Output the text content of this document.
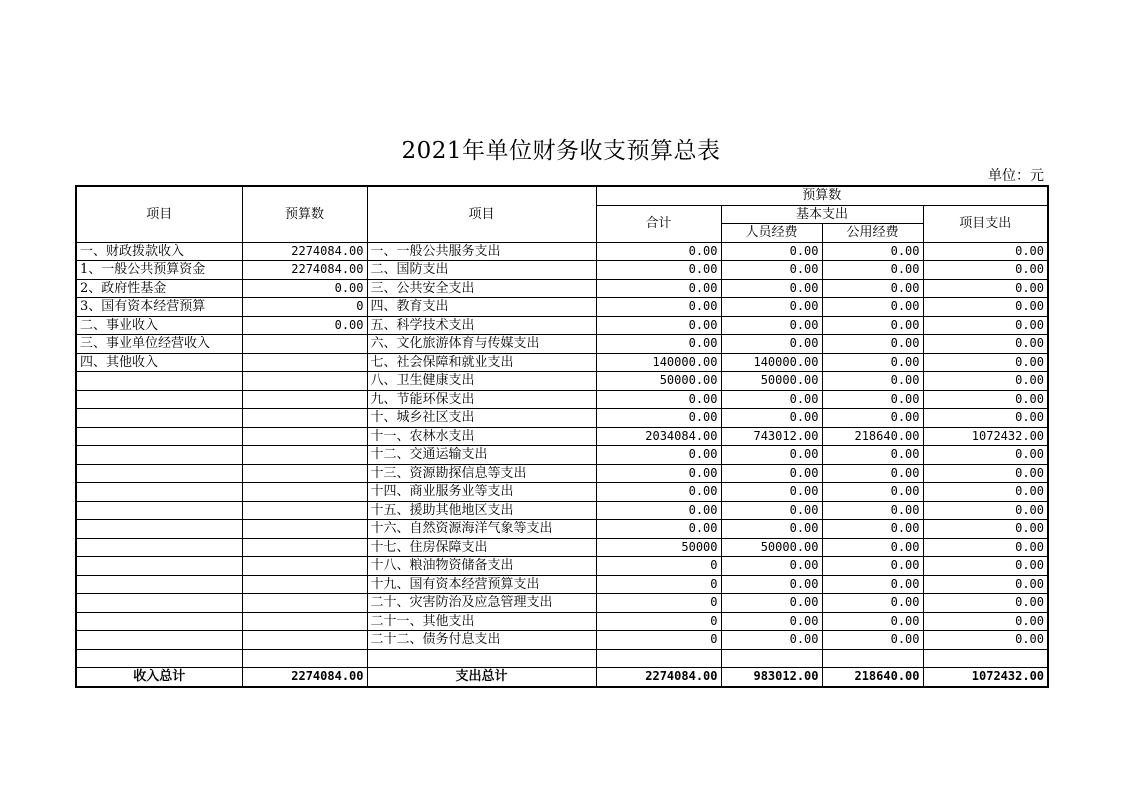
2021年单位财务收支预算总表
单位：元
项目	预算数	项目	预算数			
			合计	基本支出		项目支出
				人员经费	公用经费	
一、财政拨款收入	2274084.00	一、一般公共服务支出	0.00	0.00	0.00	0.00
1、一般公共预算资金	2274084.00	二、国防支出	0.00	0.00	0.00	0.00
2、政府性基金	0.00	三、公共安全支出	0.00	0.00	0.00	0.00
3、国有资本经营预算	0	四、教育支出	0.00	0.00	0.00	0.00
二、事业收入	0.00	五、科学技术支出	0.00	0.00	0.00	0.00
三、事业单位经营收入		六、文化旅游体育与传媒支出	0.00	0.00	0.00	0.00
四、其他收入		七、社会保障和就业支出	140000.00	140000.00	0.00	0.00
		八、卫生健康支出	50000.00	50000.00	0.00	0.00
		九、节能环保支出	0.00	0.00	0.00	0.00
		十、城乡社区支出	0.00	0.00	0.00	0.00
		十一、农林水支出	2034084.00	743012.00	218640.00	1072432.00
		十二、交通运输支出	0.00	0.00	0.00	0.00
		十三、资源勘探信息等支出	0.00	0.00	0.00	0.00
		十四、商业服务业等支出	0.00	0.00	0.00	0.00
		十五、援助其他地区支出	0.00	0.00	0.00	0.00
		十六、自然资源海洋气象等支出	0.00	0.00	0.00	0.00
		十七、住房保障支出	50000	50000.00	0.00	0.00
		十八、粮油物资储备支出	0	0.00	0.00	0.00
		十九、国有资本经营预算支出	0	0.00	0.00	0.00
		二十、灾害防治及应急管理支出	0	0.00	0.00	0.00
		二十一、其他支出	0	0.00	0.00	0.00
		二十二、债务付息支出	0	0.00	0.00	0.00

收入总计	2274084.00	支出总计	2274084.00	983012.00	218640.00	1072432.00
